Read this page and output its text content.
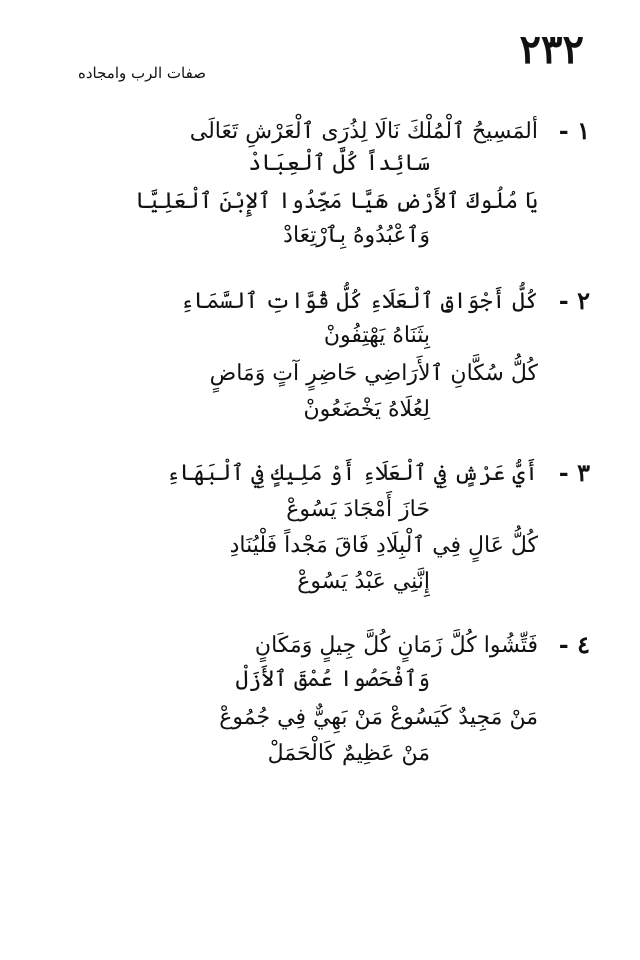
٢٣٢
صفات الرب وامجاده
١ -
ألمَسِيحُ ٱلْمُلْكَ نَالَا لِذُرَى ٱلْعَرْشِ تَعَالَى
سَائِداً كُلَّ ٱلْعِبَادْ
يَا مُلُوكَ ٱلأَرْضِ هَيَّا مَجِّدُوا ٱلإِبْنَ ٱلْعَلِيَّا
وَٱعْبُدُوهُ بِٱرْتِعَادْ
٢ -
كُلُّ أَجْوَاقِ ٱلْعَلَاءِ كُلُّ قُوَّاتِ ٱلسَّمَاءِ
بِثَنَاهُ يَهْتِفُونْ
كُلُّ سُكَّانِ ٱلأَرَاضِي حَاضِرٍ آتٍ وَمَاضٍ
لِعُلَاهُ يَخْضَعُونْ
٣ -
أَيُّ عَرْشٍ فِي ٱلْعَلَاءِ أَوْ مَلِيكٍ فِي ٱلْبَهَاءِ
حَازَ أَمْجَادَ يَسُوعْ
كُلُّ عَالٍ فِي ٱلْبِلَادِ فَاقَ مَجْداً فَلْيُنَادِ
إِنَّنِي عَبْدُ يَسُوعْ
٤ -
فَتِّشُوا كُلَّ زَمَانٍ كُلَّ جِيلٍ وَمَكَانٍ
وَٱفْحَصُوا عُمْقَ ٱلأَزَلْ
مَنْ مَجِيدٌ كَيَسُوعْ مَنْ بَهِيٌّ فِي جُمُوعْ
مَنْ عَظِيمٌ كَالْحَمَلْ
